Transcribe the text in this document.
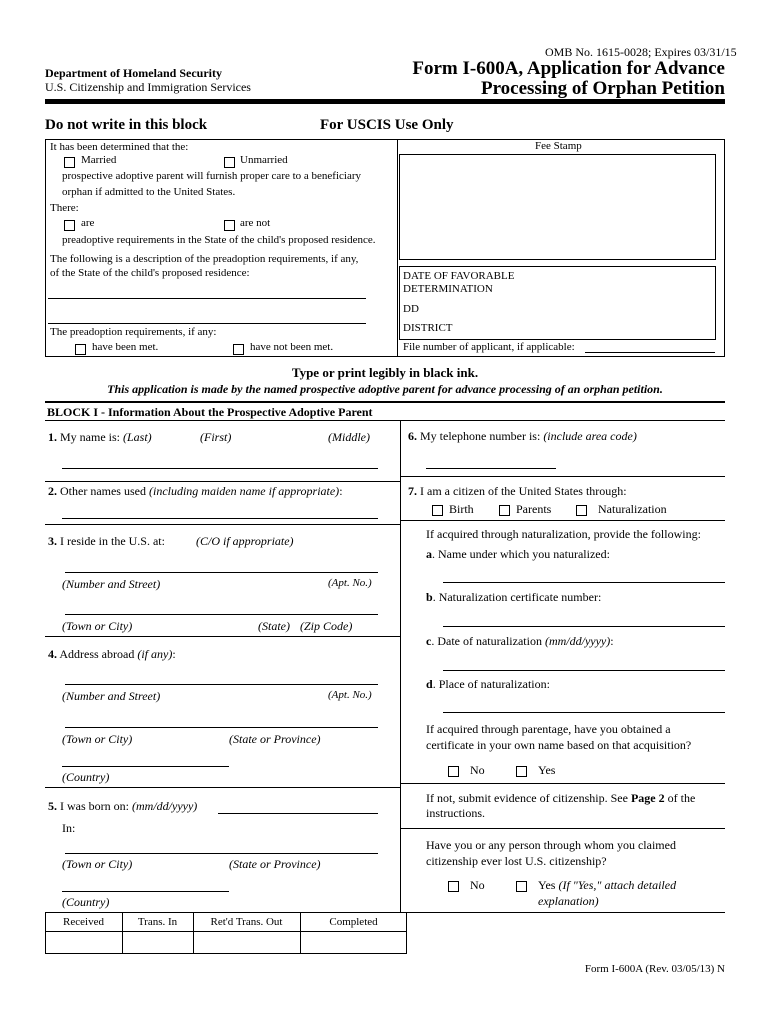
OMB No. 1615-0028; Expires 03/31/15
Department of Homeland Security
U.S. Citizenship and Immigration Services
Form I-600A, Application for Advance
Processing of Orphan Petition
Do not write in this block	For USCIS Use Only
It has been determined that the:
Married	Unmarried
prospective adoptive parent will furnish proper care to a beneficiary
orphan if admitted to the United States.
There:
are	are not
preadoptive requirements in the State of the child's proposed residence.
The following is a description of the preadoption requirements, if any,
of the State of the child's proposed residence:
The preadoption requirements, if any:
have been met.	have not been met.
Fee Stamp
DATE OF FAVORABLE
DETERMINATION
DD
DISTRICT
File number of applicant, if applicable:
Type or print legibly in black ink.
This application is made by the named prospective adoptive parent for advance processing of an orphan petition.
BLOCK I - Information About the Prospective Adoptive Parent
1. My name is: (Last)	(First)	(Middle)
2. Other names used (including maiden name if appropriate):
3. I reside in the U.S. at:	(C/O if appropriate)
(Number and Street)	(Apt. No.)
(Town or City)	(State) (Zip Code)
4. Address abroad (if any):
(Number and Street)	(Apt. No.)
(Town or City)	(State or Province)
(Country)
5. I was born on: (mm/dd/yyyy)
In:
(Town or City)	(State or Province)
(Country)
6. My telephone number is: (include area code)
7. I am a citizen of the United States through:
Birth	Parents	Naturalization
If acquired through naturalization, provide the following:
a. Name under which you naturalized:
b. Naturalization certificate number:
c. Date of naturalization (mm/dd/yyyy):
d. Place of naturalization:
If acquired through parentage, have you obtained a
certificate in your own name based on that acquisition?
No	Yes
If not, submit evidence of citizenship. See Page 2 of the
instructions.
Have you or any person through whom you claimed
citizenship ever lost U.S. citizenship?
No	Yes (If "Yes," attach detailed
explanation)
Received	Trans. In	Ret'd Trans. Out	Completed
Form I-600A (Rev. 03/05/13) N
